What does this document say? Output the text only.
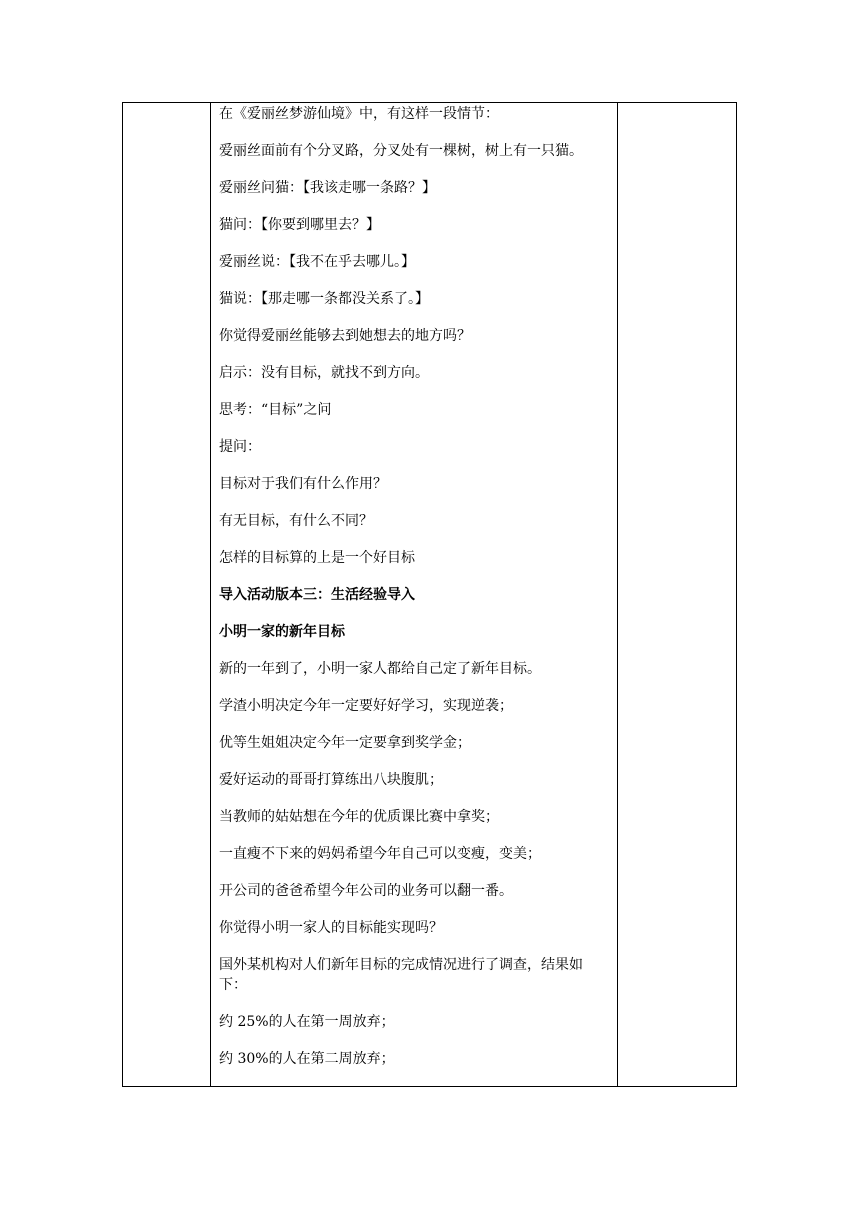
在《爱丽丝梦游仙境》中，有这样一段情节：

爱丽丝面前有个分叉路，分叉处有一棵树，树上有一只猫。

爱丽丝问猫：【我该走哪一条路？】

猫问：【你要到哪里去？】

爱丽丝说：【我不在乎去哪儿。】

猫说：【那走哪一条都没关系了。】

你觉得爱丽丝能够去到她想去的地方吗？

启示：没有目标，就找不到方向。

思考：“目标”之问

提问：

目标对于我们有什么作用？

有无目标，有什么不同？

怎样的目标算的上是一个好目标

导入活动版本三：生活经验导入

小明一家的新年目标

新的一年到了，小明一家人都给自己定了新年目标。

学渣小明决定今年一定要好好学习，实现逆袭；

优等生姐姐决定今年一定要拿到奖学金；

爱好运动的哥哥打算练出八块腹肌；

当教师的姑姑想在今年的优质课比赛中拿奖；

一直瘦不下来的妈妈希望今年自己可以变瘦，变美；

开公司的爸爸希望今年公司的业务可以翻一番。

你觉得小明一家人的目标能实现吗？

国外某机构对人们新年目标的完成情况进行了调查，结果如下：

约 25%的人在第一周放弃；

约 30%的人在第二周放弃；
